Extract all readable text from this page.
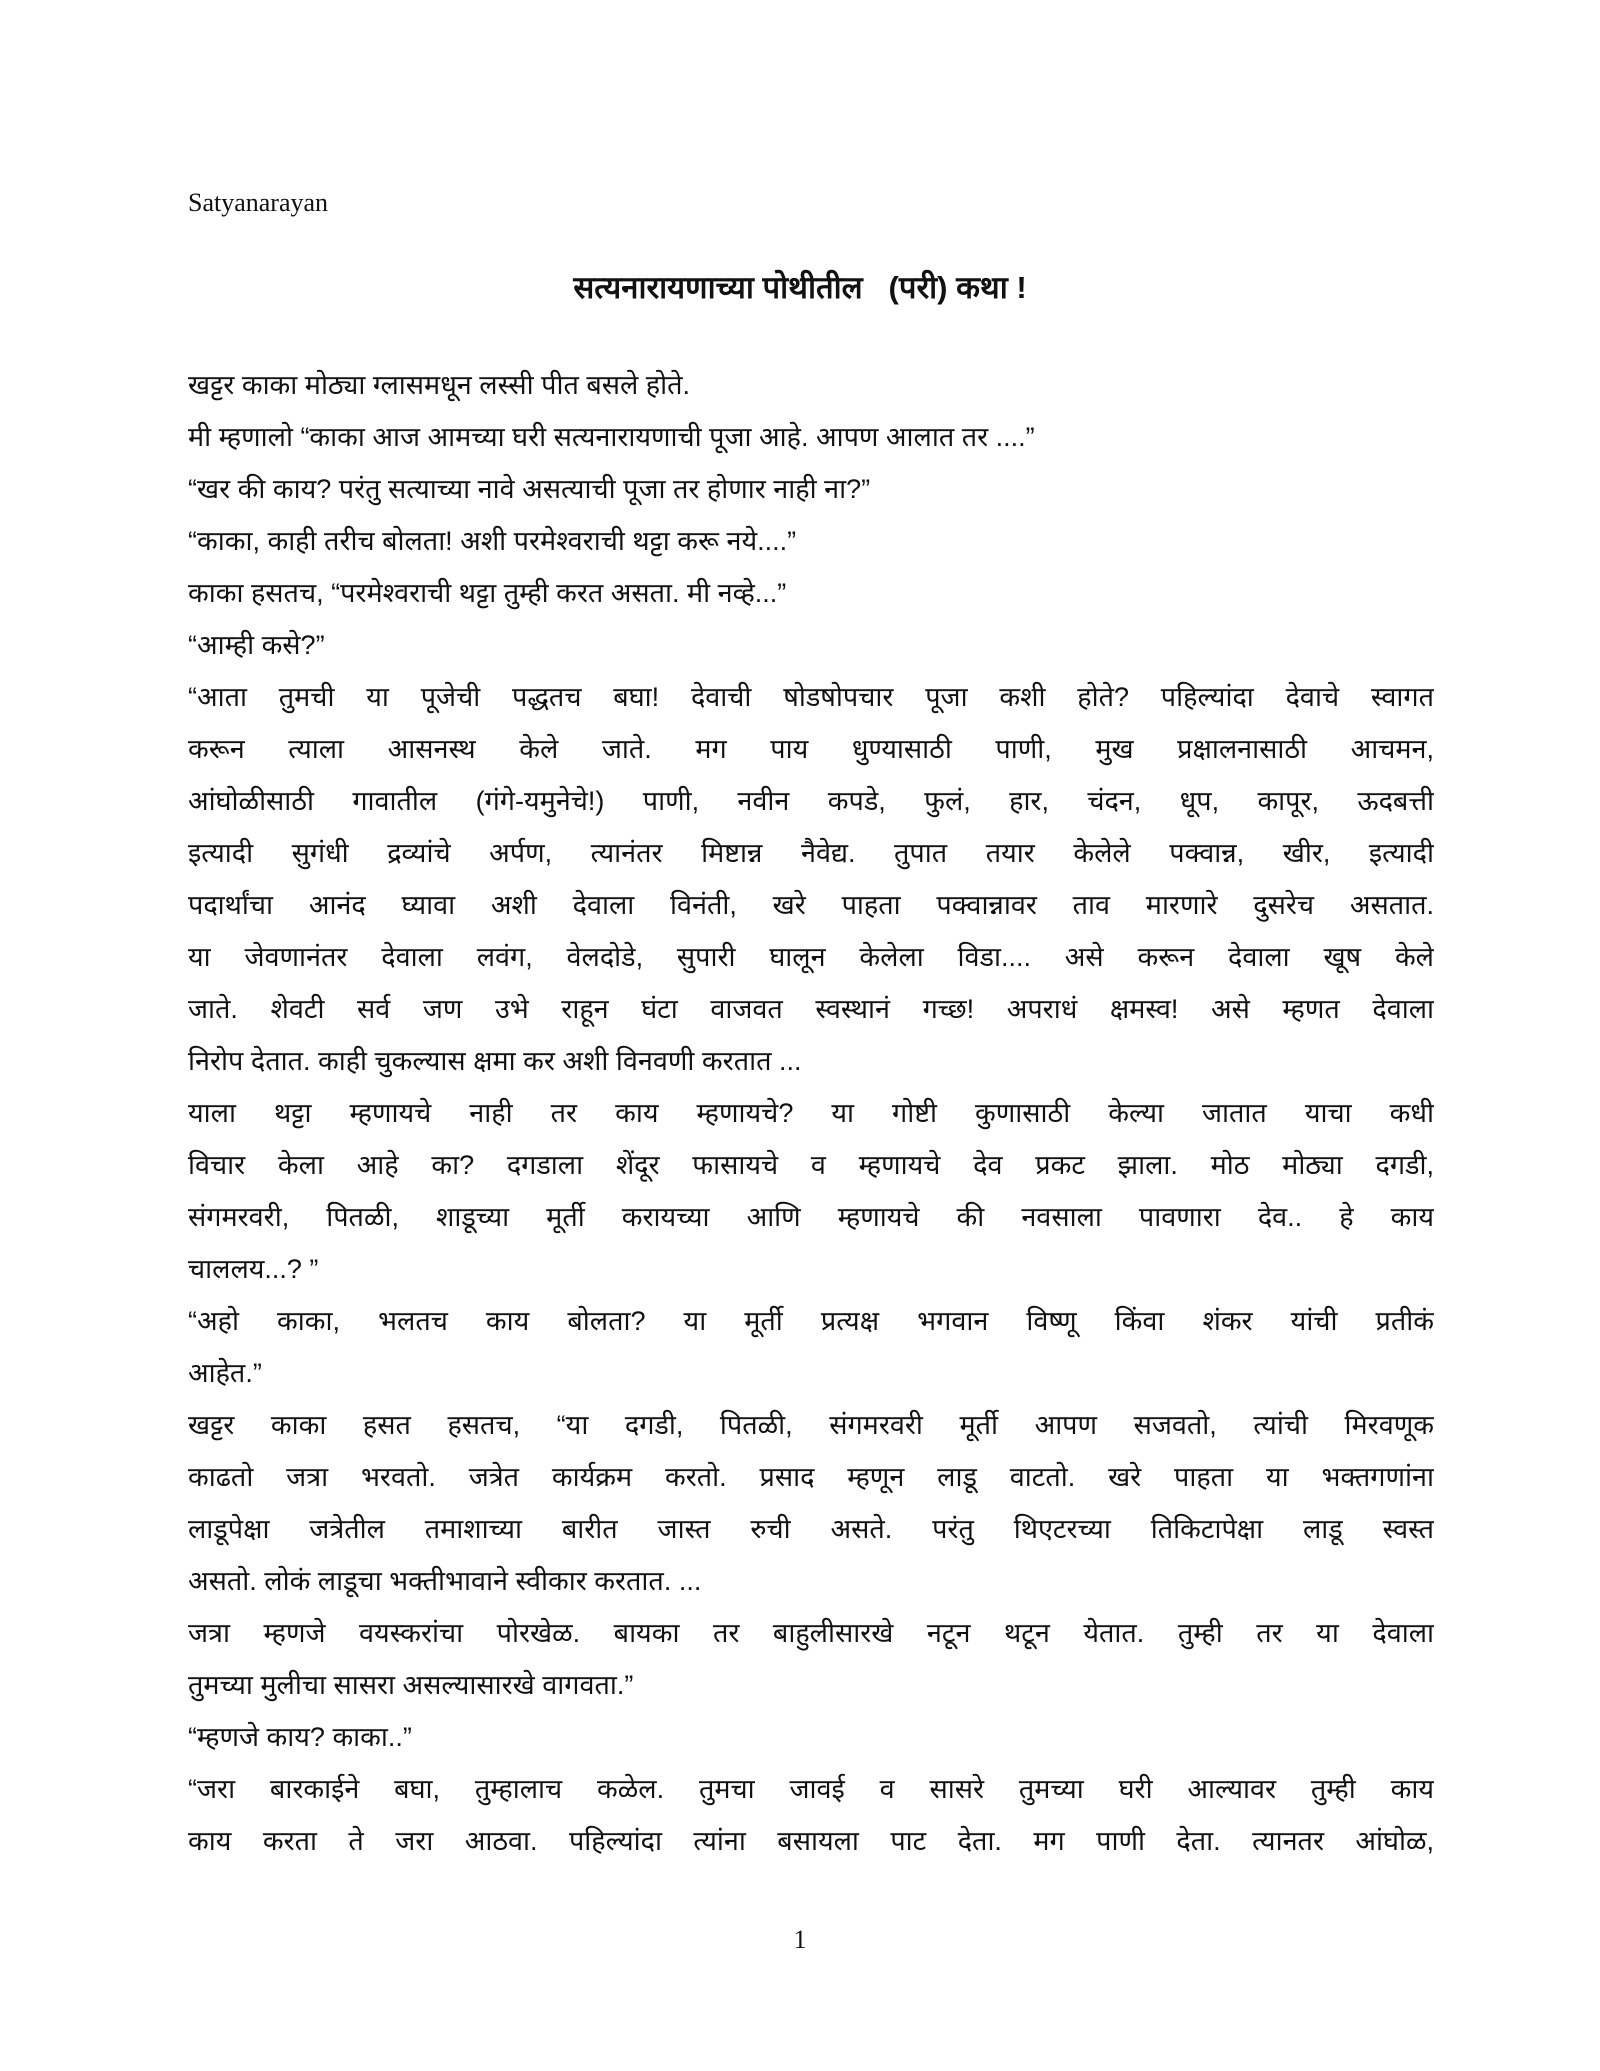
Satyanarayan
सत्यनारायणाच्या पोथीतील   (परी) कथा !
खट्टर काका मोठ्या ग्लासमधून लस्सी पीत बसले होते.
मी म्हणालो “काका आज आमच्या घरी सत्यनारायणाची पूजा आहे. आपण आलात तर ....”
“खर की काय? परंतु सत्याच्या नावे असत्याची पूजा तर होणार नाही ना?”
“काका, काही तरीच बोलता! अशी परमेश्वराची थट्टा करू नये....”
काका हसतच, “परमेश्वराची थट्टा तुम्ही करत असता. मी नव्हे...”
“आम्ही कसे?”
“आता तुमची या पूजेची पद्धतच बघा! देवाची षोडषोपचार पूजा कशी होते? पहिल्यांदा देवाचे स्वागत
करून त्याला आसनस्थ केले जाते. मग पाय धुण्यासाठी पाणी, मुख प्रक्षालनासाठी आचमन,
आंघोळीसाठी गावातील (गंगे-यमुनेचे!) पाणी, नवीन कपडे, फुलं, हार, चंदन, धूप, कापूर, ऊदबत्ती
इत्यादी सुगंधी द्रव्यांचे अर्पण, त्यानंतर मिष्टान्न नैवेद्य. तुपात तयार केलेले पक्वान्न, खीर, इत्यादी
पदार्थांचा आनंद घ्यावा अशी देवाला विनंती, खरे पाहता पक्वान्नावर ताव मारणारे दुसरेच असतात.
या जेवणानंतर देवाला लवंग, वेलदोडे, सुपारी घालून केलेला विडा.... असे करून देवाला खूष केले
जाते. शेवटी सर्व जण उभे राहून घंटा वाजवत स्वस्थानं गच्छ! अपराधं क्षमस्व! असे म्हणत देवाला
निरोप देतात. काही चुकल्यास क्षमा कर अशी विनवणी करतात ...
याला थट्टा म्हणायचे नाही तर काय म्हणायचे? या गोष्टी कुणासाठी केल्या जातात याचा कधी
विचार केला आहे का? दगडाला शेंदूर फासायचे व म्हणायचे देव प्रकट झाला. मोठ मोठ्या दगडी,
संगमरवरी, पितळी, शाडूच्या मूर्ती करायच्या आणि म्हणायचे की नवसाला पावणारा देव.. हे काय
चाललय...? ”
“अहो काका, भलतच काय बोलता? या मूर्ती प्रत्यक्ष भगवान विष्णू किंवा शंकर यांची प्रतीकं
आहेत.”
खट्टर काका हसत हसतच, “या दगडी, पितळी, संगमरवरी मूर्ती आपण सजवतो, त्यांची मिरवणूक
काढतो जत्रा भरवतो. जत्रेत कार्यक्रम करतो. प्रसाद म्हणून लाडू वाटतो. खरे पाहता या भक्तगणांना
लाडूपेक्षा जत्रेतील तमाशाच्या बारीत जास्त रुची असते. परंतु थिएटरच्या तिकिटापेक्षा लाडू स्वस्त
असतो. लोकं लाडूचा भक्तीभावाने स्वीकार करतात. ...
जत्रा म्हणजे वयस्करांचा पोरखेळ. बायका तर बाहुलीसारखे नटून थटून येतात. तुम्ही तर या देवाला
तुमच्या मुलीचा सासरा असल्यासारखे वागवता.”
“म्हणजे काय? काका..”
“जरा बारकाईने बघा, तुम्हालाच कळेल. तुमचा जावई व सासरे तुमच्या घरी आल्यावर तुम्ही काय
काय करता ते जरा आठवा. पहिल्यांदा त्यांना बसायला पाट देता. मग पाणी देता. त्यानतर आंघोळ,
1
